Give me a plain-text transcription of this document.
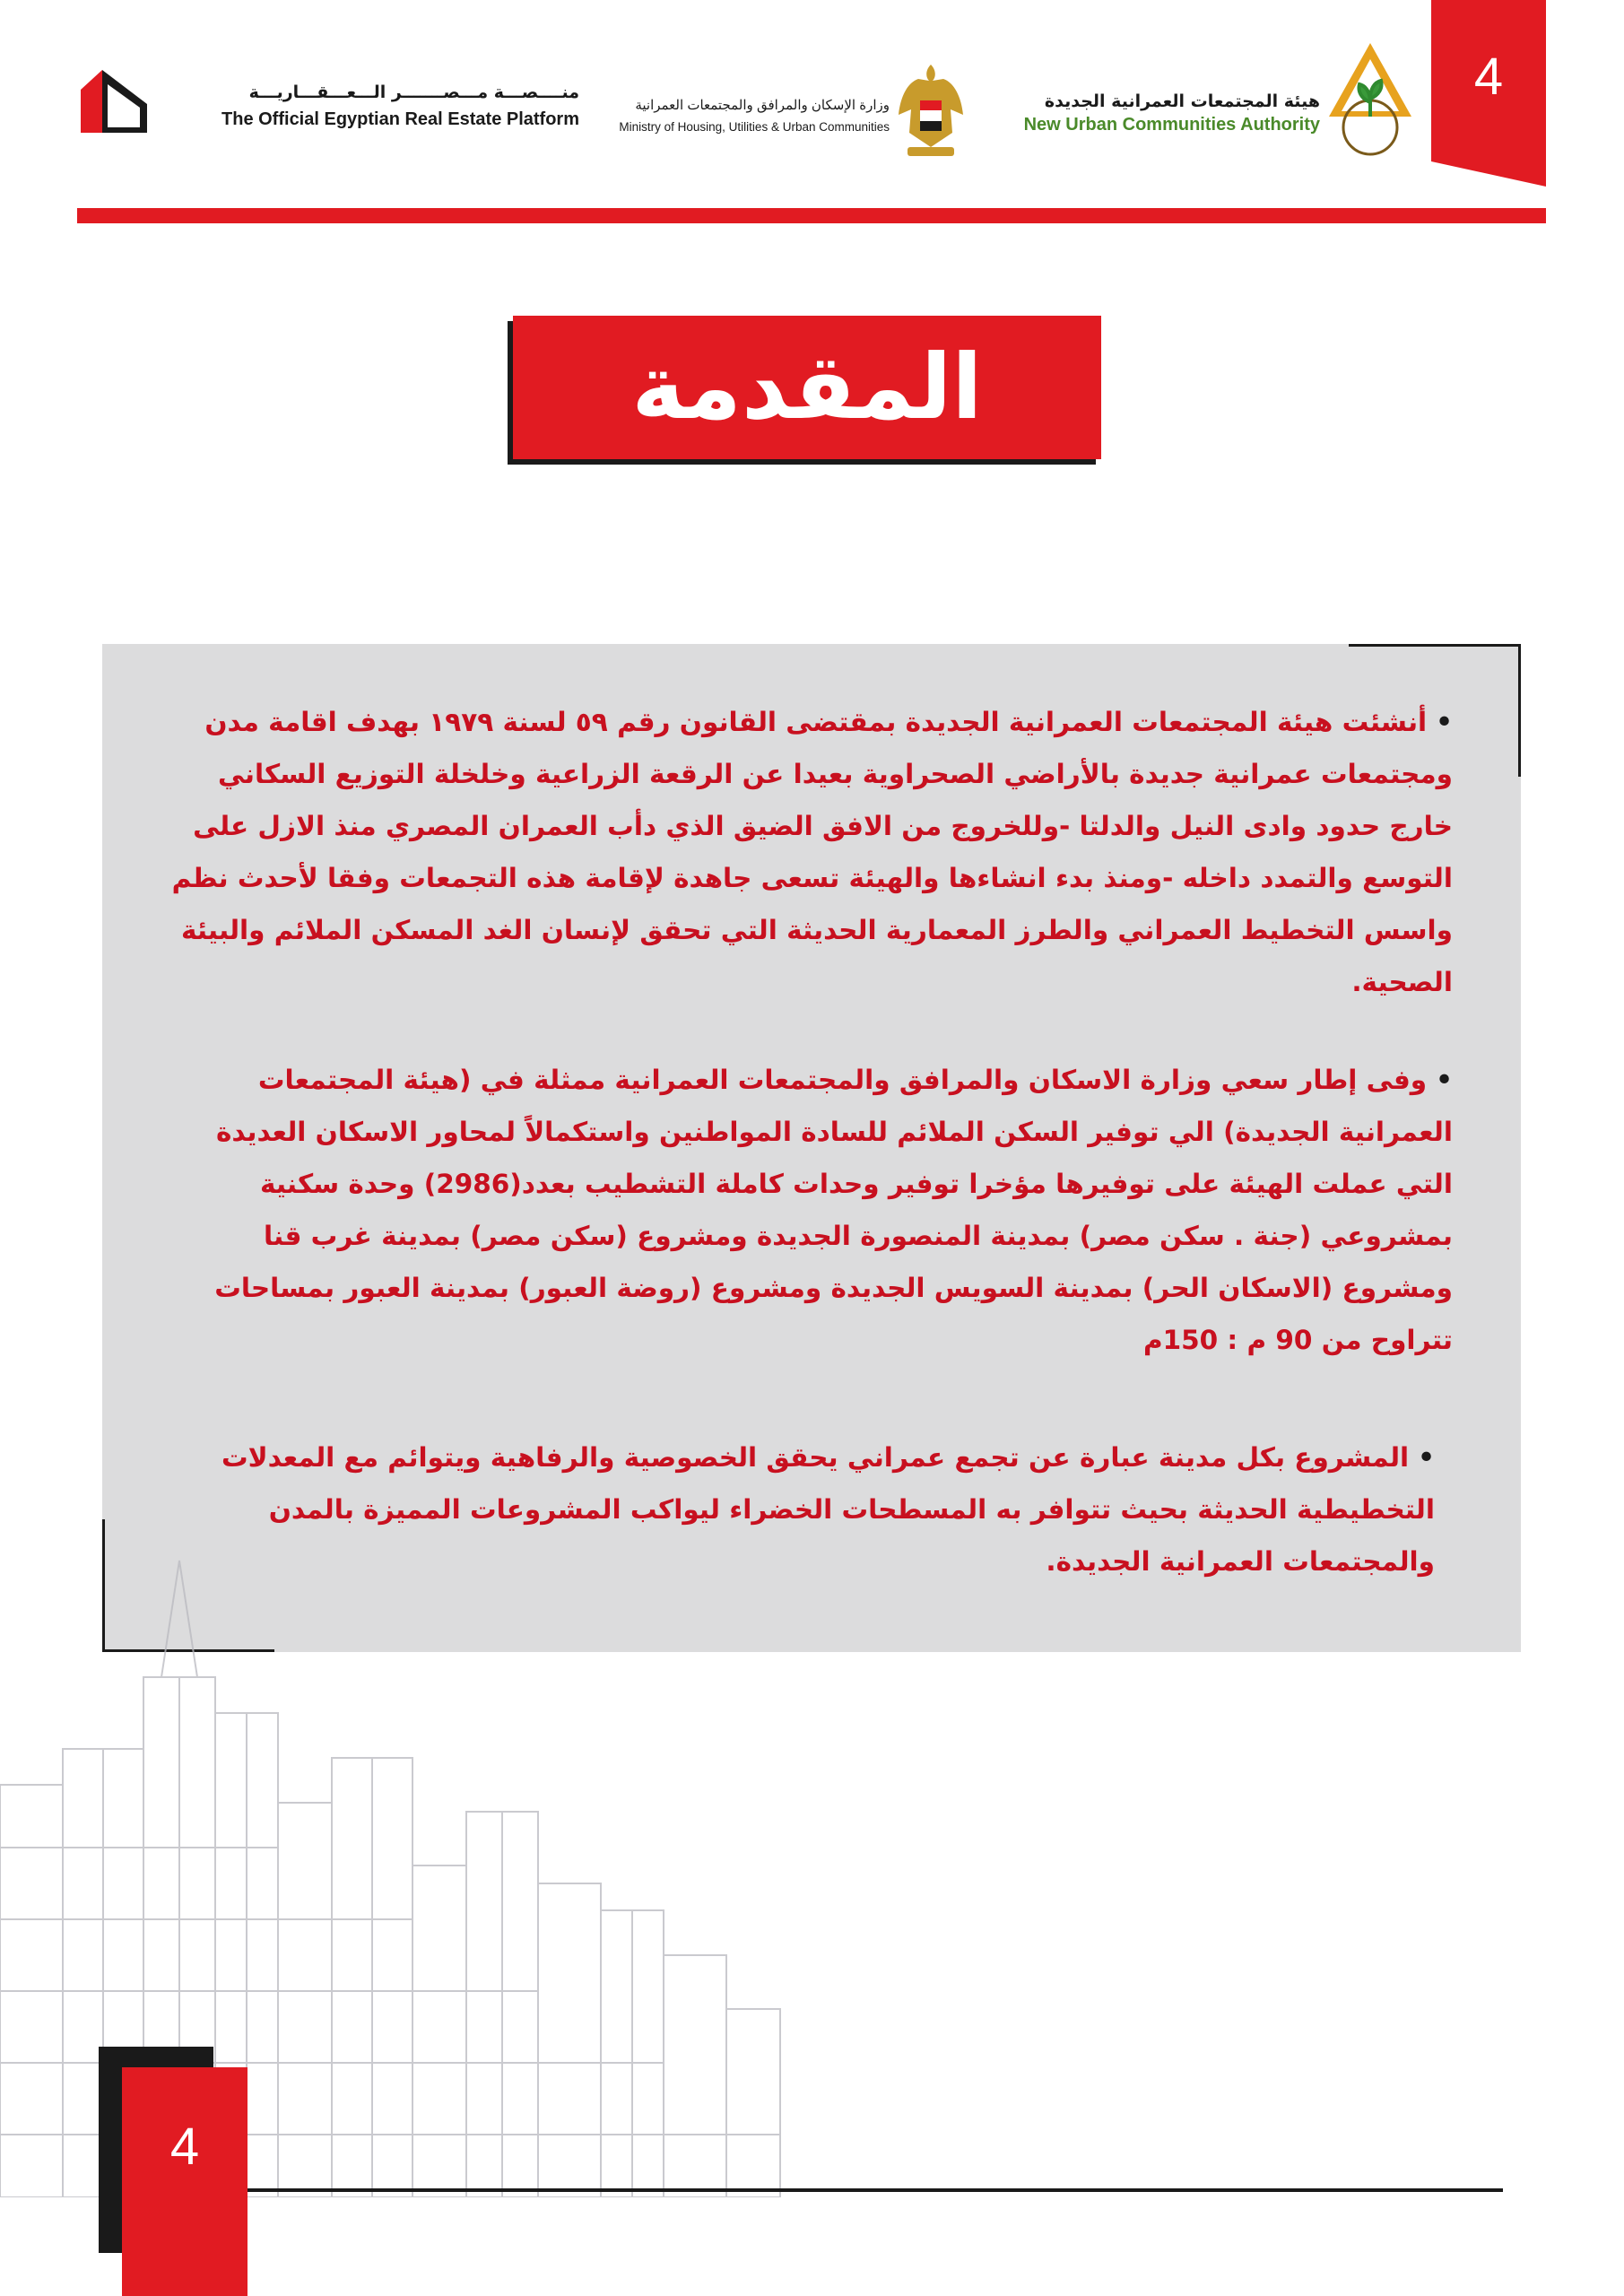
4
منــــصـــة مـــصـــــــر الـــعـــقـــاريـــة
The Official Egyptian Real Estate Platform
وزارة الإسكان والمرافق والمجتمعات العمرانية
Ministry of Housing, Utilities & Urban Communities
هيئة المجتمعات العمرانية الجديدة
New Urban Communities Authority
المقدمة
•أنشئت هيئة المجتمعات العمرانية الجديدة بمقتضى القانون رقم ٥٩ لسنة ١٩٧٩ بهدف اقامة مدن ومجتمعات عمرانية جديدة بالأراضي الصحراوية بعيدا عن الرقعة الزراعية وخلخلة التوزيع السكاني خارج حدود وادى النيل والدلتا -وللخروج من الافق الضيق الذي دأب العمران المصري منذ الازل على التوسع والتمدد داخله -ومنذ بدء انشاءها والهيئة تسعى جاهدة لإقامة هذه التجمعات وفقا لأحدث نظم واسس التخطيط العمراني والطرز المعمارية الحديثة التي تحقق لإنسان الغد المسكن الملائم والبيئة الصحية.
•وفى إطار سعي وزارة الاسكان والمرافق والمجتمعات العمرانية ممثلة في (هيئة المجتمعات العمرانية الجديدة) الي توفير السكن الملائم للسادة المواطنين واستكمالاً لمحاور الاسكان العديدة التي عملت الهيئة على توفيرها مؤخرا توفير وحدات كاملة التشطيب بعدد(2986) وحدة سكنية بمشروعي (جنة . سكن مصر) بمدينة المنصورة الجديدة ومشروع (سكن مصر) بمدينة غرب قنا ومشروع (الاسكان الحر) بمدينة السويس الجديدة ومشروع (روضة العبور) بمدينة العبور بمساحات تتراوح من 90 م : 150م
•المشروع بكل مدينة عبارة عن تجمع عمراني يحقق الخصوصية والرفاهية ويتوائم مع المعدلات التخطيطية الحديثة بحيث تتوافر به المسطحات الخضراء ليواكب المشروعات المميزة بالمدن والمجتمعات العمرانية الجديدة.
4
